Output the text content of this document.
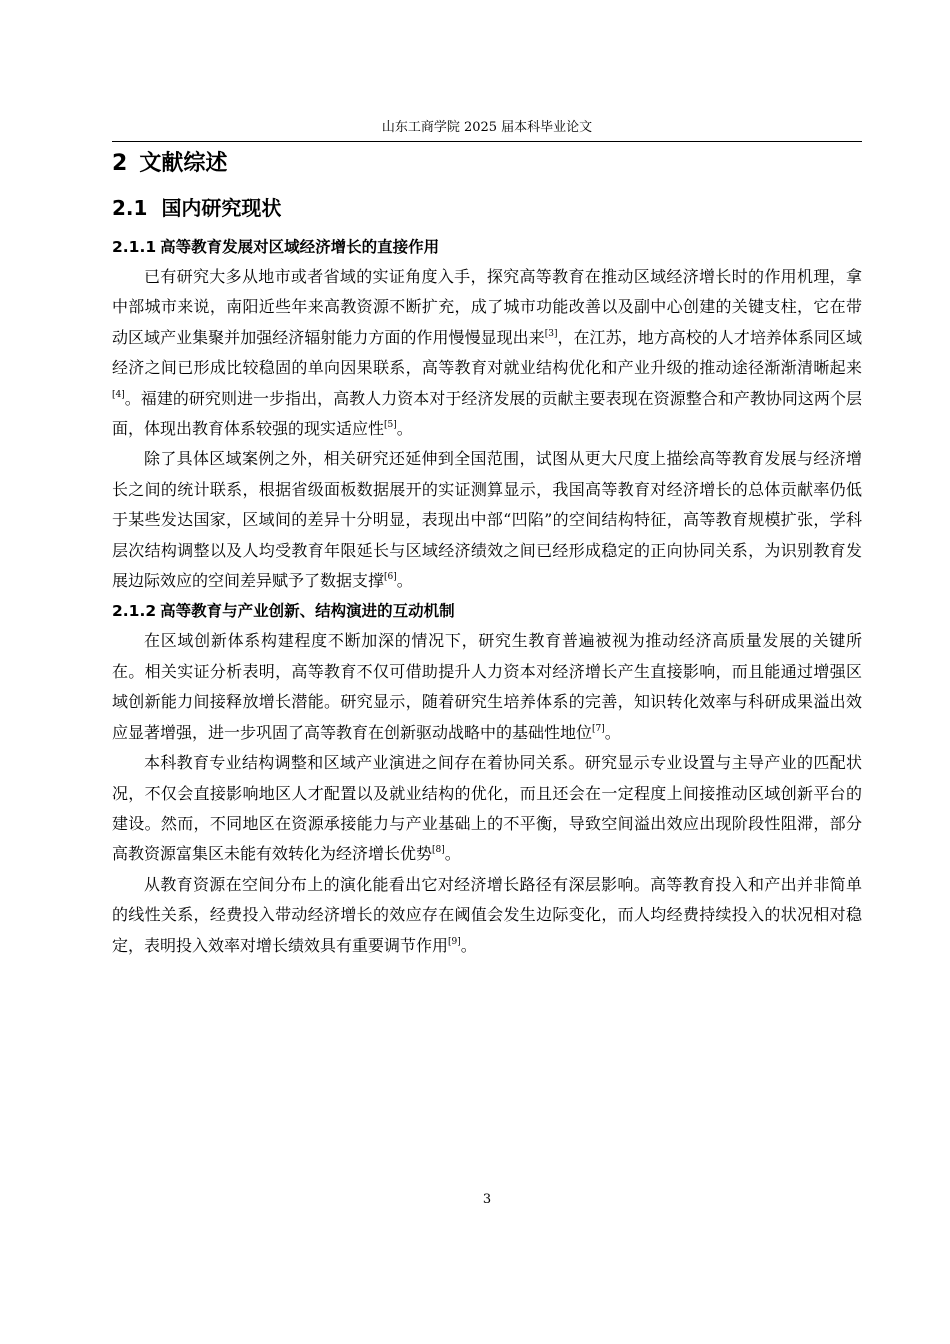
山东工商学院 2025 届本科毕业论文
2 文献综述
2.1 国内研究现状
2.1.1 高等教育发展对区域经济增长的直接作用

已有研究大多从地市或者省域的实证角度入手，探究高等教育在推动区域经济增长时的作用机理，拿中部城市来说，南阳近些年来高教资源不断扩充，成了城市功能改善以及副中心创建的关键支柱，它在带动区域产业集聚并加强经济辐射能力方面的作用慢慢显现出来[3]，在江苏，地方高校的人才培养体系同区域经济之间已形成比较稳固的单向因果联系，高等教育对就业结构优化和产业升级的推动途径渐渐清晰起来[4]。福建的研究则进一步指出，高教人力资本对于经济发展的贡献主要表现在资源整合和产教协同这两个层面，体现出教育体系较强的现实适应性[5]。

除了具体区域案例之外，相关研究还延伸到全国范围，试图从更大尺度上描绘高等教育发展与经济增长之间的统计联系，根据省级面板数据展开的实证测算显示，我国高等教育对经济增长的总体贡献率仍低于某些发达国家，区域间的差异十分明显，表现出中部“凹陷”的空间结构特征，高等教育规模扩张，学科层次结构调整以及人均受教育年限延长与区域经济绩效之间已经形成稳定的正向协同关系，为识别教育发展边际效应的空间差异赋予了数据支撑[6]。

2.1.2 高等教育与产业创新、结构演进的互动机制

在区域创新体系构建程度不断加深的情况下，研究生教育普遍被视为推动经济高质量发展的关键所在。相关实证分析表明，高等教育不仅可借助提升人力资本对经济增长产生直接影响，而且能通过增强区域创新能力间接释放增长潜能。研究显示，随着研究生培养体系的完善，知识转化效率与科研成果溢出效应显著增强，进一步巩固了高等教育在创新驱动战略中的基础性地位[7]。

本科教育专业结构调整和区域产业演进之间存在着协同关系。研究显示专业设置与主导产业的匹配状况，不仅会直接影响地区人才配置以及就业结构的优化，而且还会在一定程度上间接推动区域创新平台的建设。然而，不同地区在资源承接能力与产业基础上的不平衡，导致空间溢出效应出现阶段性阻滞，部分高教资源富集区未能有效转化为经济增长优势[8]。

从教育资源在空间分布上的演化能看出它对经济增长路径有深层影响。高等教育投入和产出并非简单的线性关系，经费投入带动经济增长的效应存在阈值会发生边际变化，而人均经费持续投入的状况相对稳定，表明投入效率对增长绩效具有重要调节作用[9]。

3
